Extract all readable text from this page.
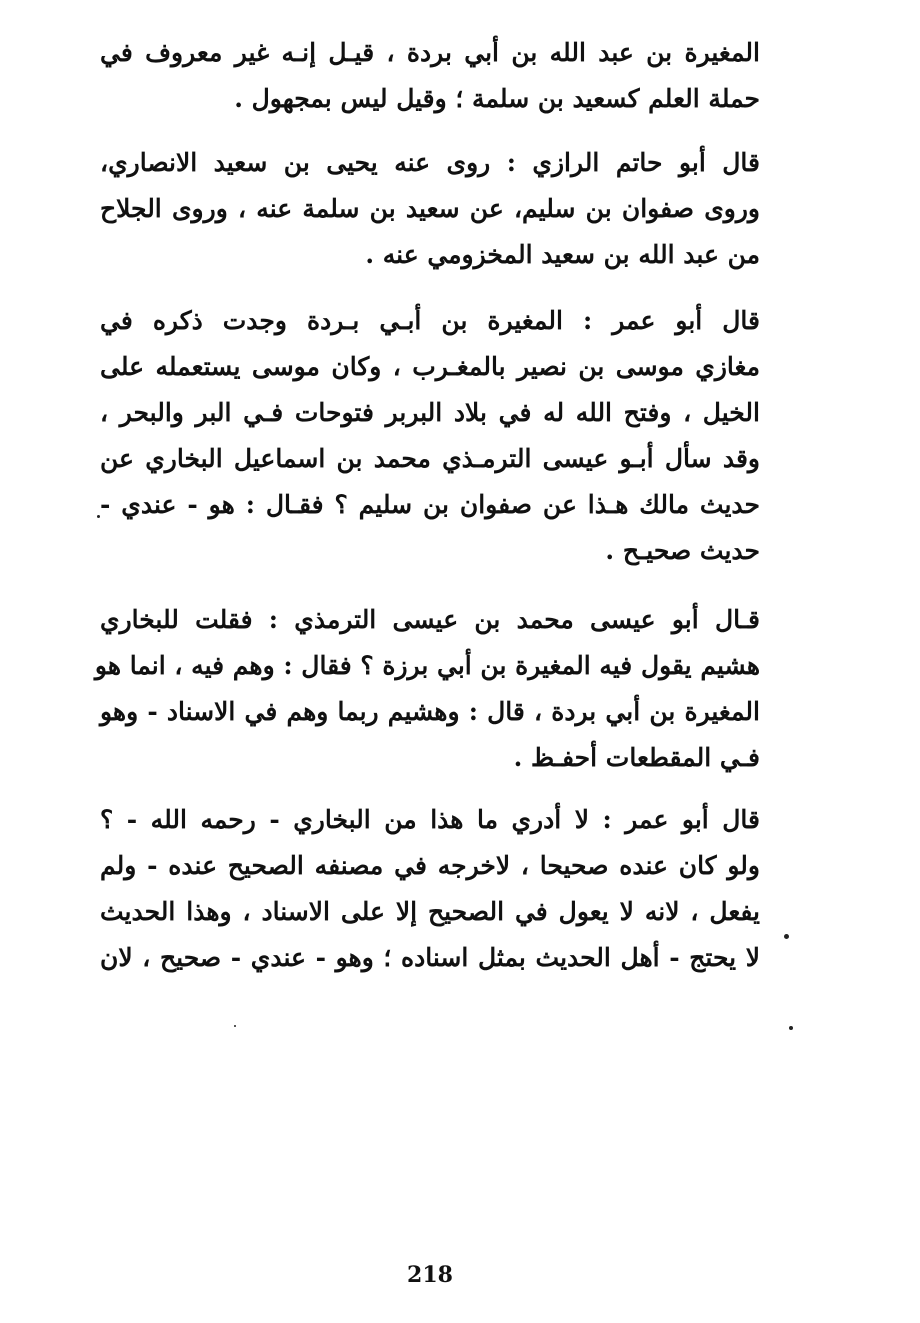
المغيرة بن عبد الله بن أبي بردة ، قيـل إنـه غير معروف في
حملة العلم كسعيد بن سلمة ؛ وقيل ليس بمجهول .
قال أبو حاتم الرازي : روى عنه يحيى بن سعيد الانصاري،
وروى صفوان بن سليم، عن سعيد بن سلمة عنه ، وروى الجلاح
من عبد الله بن سعيد المخزومي عنه .
قال أبو عمر : المغيرة بن أبـي بـردة وجدت ذكره في
مغازي موسى بن نصير بالمغـرب ، وكان موسى يستعمله على
الخيل ، وفتح الله له في بلاد البربر فتوحات فـي البر والبحر ،
وقد سأل أبـو عيسى الترمـذي محمد بن اسماعيل البخاري عن
حديث مالك هـذا عن صفوان بن سليم ؟ فقـال : هو - عندي -
حديث صحيـح .
قـال أبو عيسى محمد بن عيسى الترمذي : فقلت للبخاري
هشيم يقول فيه المغيرة بن أبي برزة ؟ فقال : وهم فيه ، انما هو
المغيرة بن أبي بردة ، قال : وهشيم ربما وهم في الاسناد - وهو
فـي المقطعات أحفـظ .
قال أبو عمر : لا أدري ما هذا من البخاري - رحمه الله - ؟
ولو كان عنده صحيحا ، لاخرجه في مصنفه الصحيح عنده - ولم
يفعل ، لانه لا يعول في الصحيح إلا على الاسناد ، وهذا الحديث
لا يحتج - أهل الحديث بمثل اسناده ؛ وهو - عندي - صحيح ، لان
218
